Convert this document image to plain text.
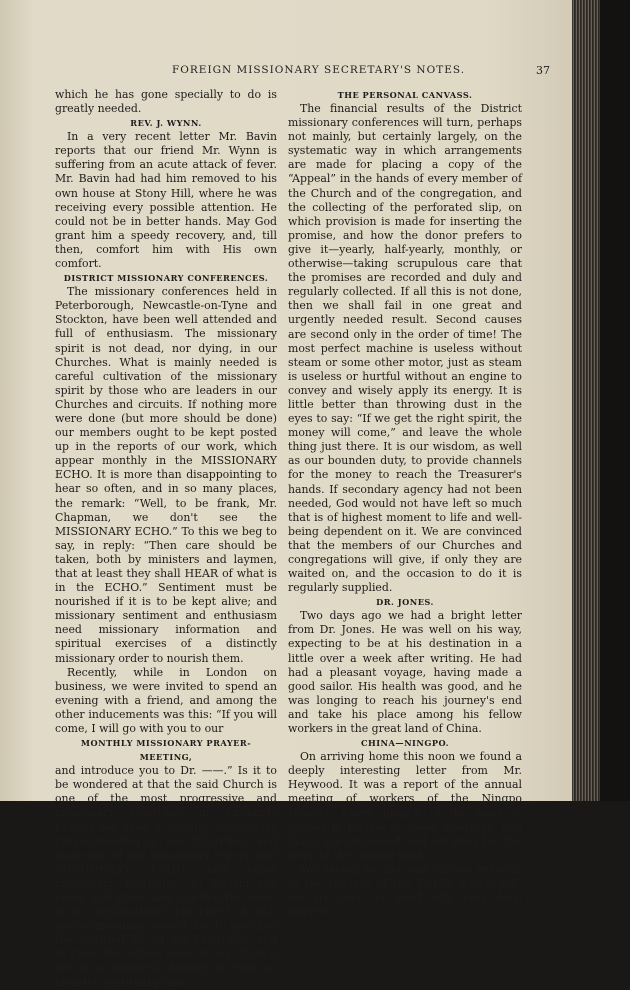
FOREIGN MISSIONARY SECRETARY'S NOTES.	37

which he has gone specially to do is greatly needed.

REV. J. WYNN.

In a very recent letter Mr. Bavin reports that our friend Mr. Wynn is suffering from an acute attack of fever. Mr. Bavin had had him removed to his own house at Stony Hill, where he was receiving every possible attention. He could not be in better hands. May God grant him a speedy recovery, and, till then, comfort him with His own comfort.

DISTRICT MISSIONARY CONFERENCES.

The missionary conferences held in Peterborough, Newcastle-on-Tyne and Stockton, have been well attended and full of enthusiasm. The missionary spirit is not dead, nor dying, in our Churches. What is mainly needed is careful cultivation of the missionary spirit by those who are leaders in our Churches and circuits. If nothing more were done (but more should be done) our members ought to be kept posted up in the reports of our work, which appear monthly in the MISSIONARY ECHO. It is more than disappointing to hear so often, and in so many places, the remark: “Well, to be frank, Mr. Chapman, we don't see the MISSIONARY ECHO.” To this we beg to say, in reply: “Then care should be taken, both by ministers and laymen, that at least they shall HEAR of what is in the ECHO.” Sentiment must be nourished if it is to be kept alive; and missionary sentiment and enthusiasm need missionary information and spiritual exercises of a distinctly missionary order to nourish them.

Recently, while in London on business, we were invited to spend an evening with a friend, and among the other inducements was this: “If you will come, I will go with you to our

MONTHLY MISSIONARY PRAYER-MEETING,

and introduce you to Dr. ——.” Is it to be wondered at that the said Church is one of the most progressive and missionary Churches in England? Cannot we have a monthly missionary prayer-meeting in our Churches, and make use of our missionary report, and MISSIONARY ECHO, and other missionary literature, to inform the mind, and guide and quicken the heart in its supplications? The effect of such prayer-meetings would be to quicken the spiritual life of our Churches, and to raise the whole tone of our Church life to a distinctly higher, as well as broader, spiritual plane.

THE PERSONAL CANVASS.

The financial results of the District missionary conferences will turn, perhaps not mainly, but certainly largely, on the systematic way in which arrangements are made for placing a copy of the “Appeal” in the hands of every member of the Church and of the congregation, and the collecting of the perforated slip, on which provision is made for inserting the promise, and how the donor prefers to give it—yearly, half-yearly, monthly, or otherwise—taking scrupulous care that the promises are recorded and duly and regularly collected. If all this is not done, then we shall fail in one great and urgently needed result. Second causes are second only in the order of time! The most perfect machine is useless without steam or some other motor, just as steam is useless or hurtful without an engine to convey and wisely apply its energy. It is little better than throwing dust in the eyes to say: “If we get the right spirit, the money will come,” and leave the whole thing just there. It is our wisdom, as well as our bounden duty, to provide channels for the money to reach the Treasurer's hands. If secondary agency had not been needed, God would not have left so much that is of highest moment to life and well-being dependent on it. We are convinced that the members of our Churches and congregations will give, if only they are waited on, and the occasion to do it is regularly supplied.

DR. JONES.

Two days ago we had a bright letter from Dr. Jones. He was well on his way, expecting to be at his destination in a little over a week after writing. He had had a pleasant voyage, having made a good sailor. His health was good, and he was longing to reach his journey's end and take his place among his fellow workers in the great land of China.

CHINA—NINGPO.

On arriving home this noon we found a deeply interesting letter from Mr. Heywood. It was a report of the annual meeting of workers of the Ningpo District. Every branch of the work is passed in review at these meetings, and plans are discussed and adopted for the work of the coming year.

We hasten to give one or two extracts to the readers of the ECHO, which will, we are sure, be read with very deep interest.
